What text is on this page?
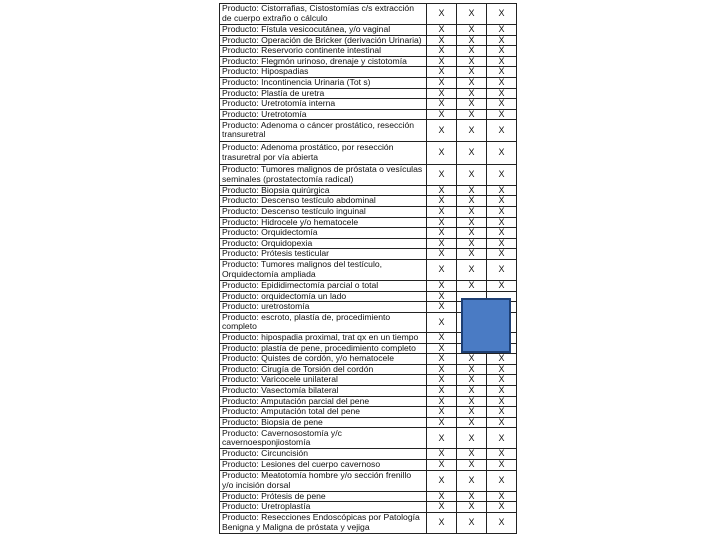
Producto: Cistorrafias, Cistostomías c/s extracción de cuerpo extraño o cálculo	X	X	X
Producto: Fístula vesicocutánea, y/o vaginal	X	X	X
Producto: Operación de Bricker (derivación Urinaria)	X	X	X
Producto: Reservorio continente intestinal	X	X	X
Producto: Flegmón urinoso, drenaje y cistotomía	X	X	X
Producto: Hipospadias	X	X	X
Producto: Incontinencia Urinaria (Tot s)	X	X	X
Producto: Plastía de uretra	X	X	X
Producto: Uretrotomía interna	X	X	X
Producto: Uretrotomía	X	X	X
Producto: Adenoma o cáncer prostático, resección transuretral	X	X	X
Producto: Adenoma prostático, por resección trasuretral por vía abierta	X	X	X
Producto: Tumores malignos de próstata o vesículas seminales (prostatectomía radical)	X	X	X
Producto: Biopsia quirúrgica	X	X	X
Producto: Descenso testículo abdominal	X	X	X
Producto: Descenso testículo inguinal	X	X	X
Producto: Hidrocele y/o hematocele	X	X	X
Producto: Orquidectomía	X	X	X
Producto: Orquidopexia	X	X	X
Producto: Prótesis testicular	X	X	X
Producto: Tumores malignos del testículo, Orquidectomía ampliada	X	X	X
Producto: Epididimectomía parcial o total	X	X	X
Producto: orquidectomía un lado	X		
Producto: uretrostomía	X		
Producto: escroto, plastía de, procedimiento completo	X		
Producto: hipospadia proximal, trat qx en un tiempo	X		
Producto: plastía de pene, procedimiento completo	X		
Producto: Quistes de cordón, y/o hematocele	X	X	X
Producto: Cirugía de Torsión del cordón	X	X	X
Producto: Varicocele unilateral	X	X	X
Producto: Vasectomía bilateral	X	X	X
Producto: Amputación parcial del pene	X	X	X
Producto: Amputación total del pene	X	X	X
Producto: Biopsia de pene	X	X	X
Producto: Cavernosostomía y/c cavernoesponjiostomía	X	X	X
Producto: Circuncisión	X	X	X
Producto: Lesiones del cuerpo cavernoso	X	X	X
Producto: Meatotomía hombre y/o sección frenillo y/o incisión dorsal	X	X	X
Producto: Prótesis de pene	X	X	X
Producto: Uretroplastía	X	X	X
Producto: Resecciones Endoscópicas por Patología Benigna y Maligna de próstata y vejiga	X	X	X
